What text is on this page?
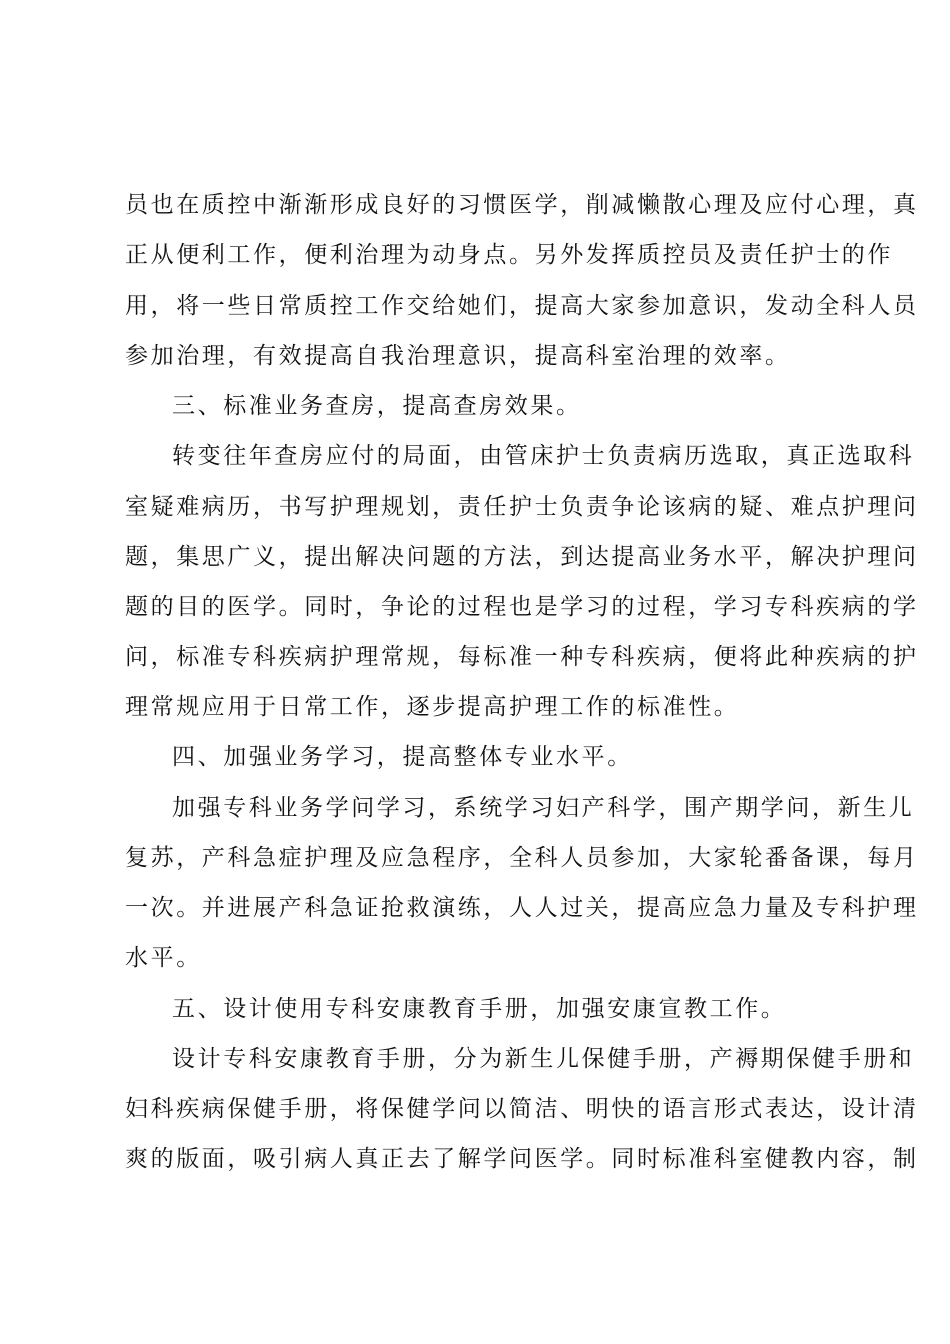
员也在质控中渐渐形成良好的习惯医学，削减懒散心理及应付心理，真
正从便利工作，便利治理为动身点。另外发挥质控员及责任护士的作
用，将一些日常质控工作交给她们，提高大家参加意识，发动全科人员
参加治理，有效提高自我治理意识，提高科室治理的效率。
三、标准业务查房，提高查房效果。
转变往年查房应付的局面，由管床护士负责病历选取，真正选取科
室疑难病历，书写护理规划，责任护士负责争论该病的疑、难点护理问
题，集思广义，提出解决问题的方法，到达提高业务水平，解决护理问
题的目的医学。同时，争论的过程也是学习的过程，学习专科疾病的学
问，标准专科疾病护理常规，每标准一种专科疾病，便将此种疾病的护
理常规应用于日常工作，逐步提高护理工作的标准性。
四、加强业务学习，提高整体专业水平。
加强专科业务学问学习，系统学习妇产科学，围产期学问，新生儿
复苏，产科急症护理及应急程序，全科人员参加，大家轮番备课，每月
一次。并进展产科急证抢救演练，人人过关，提高应急力量及专科护理
水平。
五、设计使用专科安康教育手册，加强安康宣教工作。
设计专科安康教育手册，分为新生儿保健手册，产褥期保健手册和
妇科疾病保健手册，将保健学问以简洁、明快的语言形式表达，设计清
爽的版面，吸引病人真正去了解学问医学。同时标准科室健教内容，制
